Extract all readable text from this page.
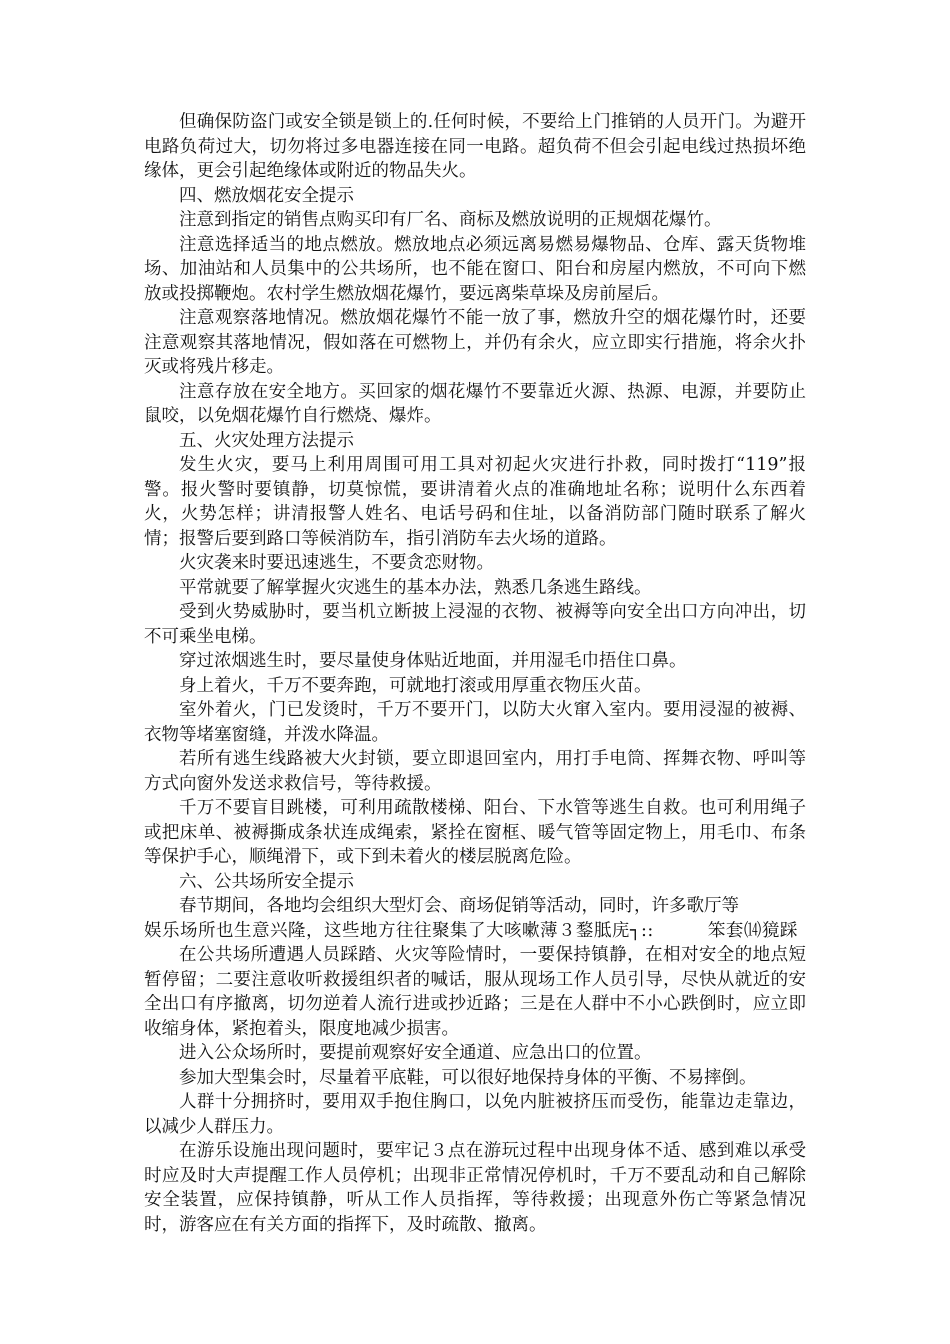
但确保防盗门或安全锁是锁上的.任何时候，不要给上门推销的人员开门。为避开电路负荷过大，切勿将过多电器连接在同一电路。超负荷不但会引起电线过热损坏绝缘体，更会引起绝缘体或附近的物品失火。

四、燃放烟花安全提示

注意到指定的销售点购买印有厂名、商标及燃放说明的正规烟花爆竹。

注意选择适当的地点燃放。燃放地点必须远离易燃易爆物品、仓库、露天货物堆场、加油站和人员集中的公共场所，也不能在窗口、阳台和房屋内燃放，不可向下燃放或投掷鞭炮。农村学生燃放烟花爆竹，要远离柴草垛及房前屋后。

注意观察落地情况。燃放烟花爆竹不能一放了事，燃放升空的烟花爆竹时，还要注意观察其落地情况，假如落在可燃物上，并仍有余火，应立即实行措施，将余火扑灭或将残片移走。

注意存放在安全地方。买回家的烟花爆竹不要靠近火源、热源、电源，并要防止鼠咬，以免烟花爆竹自行燃烧、爆炸。

五、火灾处理方法提示

发生火灾，要马上利用周围可用工具对初起火灾进行扑救，同时拨打“119”报警。报火警时要镇静，切莫惊慌，要讲清着火点的准确地址名称；说明什么东西着火，火势怎样；讲清报警人姓名、电话号码和住址，以备消防部门随时联系了解火情；报警后要到路口等候消防车，指引消防车去火场的道路。

火灾袭来时要迅速逃生，不要贪恋财物。

平常就要了解掌握火灾逃生的基本办法，熟悉几条逃生路线。

受到火势威胁时，要当机立断披上浸湿的衣物、被褥等向安全出口方向冲出，切不可乘坐电梯。

穿过浓烟逃生时，要尽量使身体贴近地面，并用湿毛巾捂住口鼻。

身上着火，千万不要奔跑，可就地打滚或用厚重衣物压火苗。

室外着火，门已发烫时，千万不要开门，以防大火窜入室内。要用浸湿的被褥、衣物等堵塞窗缝，并泼水降温。

若所有逃生线路被大火封锁，要立即退回室内，用打手电筒、挥舞衣物、呼叫等方式向窗外发送求救信号，等待救援。

千万不要盲目跳楼，可利用疏散楼梯、阳台、下水管等逃生自救。也可利用绳子或把床单、被褥撕成条状连成绳索，紧拴在窗框、暖气管等固定物上，用毛巾、布条等保护手心，顺绳滑下，或下到未着火的楼层脱离危险。

六、公共场所安全提示

春节期间，各地均会组织大型灯会、商场促销等活动，同时，许多歌厅等

娱乐场所也生意兴隆，这些地方往往聚集了大咳嗽薄３鍪胝庑┐::　　　笨套⒁獍踩

在公共场所遭遇人员踩踏、火灾等险情时，一要保持镇静，在相对安全的地点短暂停留；二要注意收听救援组织者的喊话，服从现场工作人员引导，尽快从就近的安全出口有序撤离，切勿逆着人流行进或抄近路；三是在人群中不小心跌倒时，应立即收缩身体，紧抱着头，限度地减少损害。

进入公众场所时，要提前观察好安全通道、应急出口的位置。

参加大型集会时，尽量着平底鞋，可以很好地保持身体的平衡、不易摔倒。

人群十分拥挤时，要用双手抱住胸口，以免内脏被挤压而受伤，能靠边走靠边，以减少人群压力。

在游乐设施出现问题时，要牢记３点在游玩过程中出现身体不适、感到难以承受时应及时大声提醒工作人员停机；出现非正常情况停机时，千万不要乱动和自己解除安全装置，应保持镇静，听从工作人员指挥，等待救援；出现意外伤亡等紧急情况时，游客应在有关方面的指挥下，及时疏散、撤离。
